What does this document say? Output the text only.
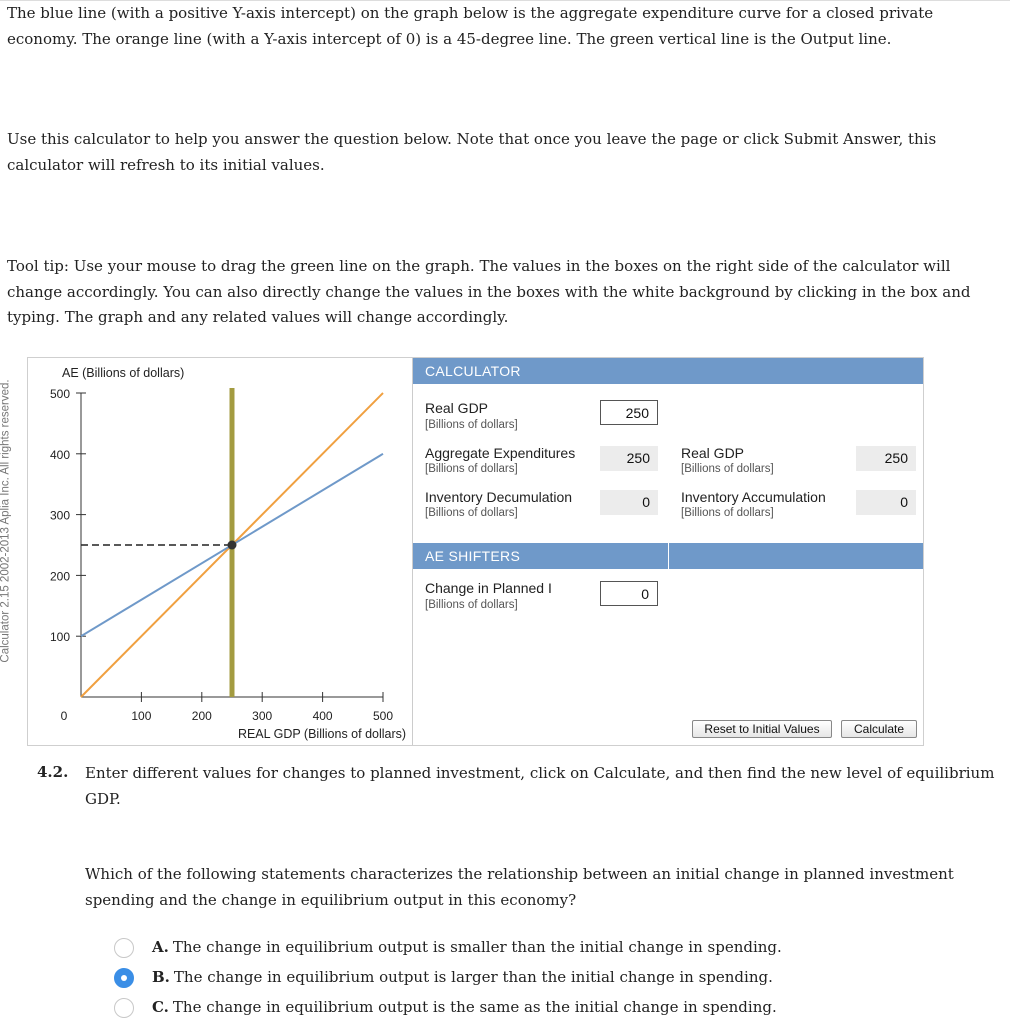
The blue line (with a positive Y-axis intercept) on the graph below is the aggregate expenditure curve for a closed private economy. The orange line (with a Y-axis intercept of 0) is a 45-degree line. The green vertical line is the Output line.

Use this calculator to help you answer the question below. Note that once you leave the page or click Submit Answer, this calculator will refresh to its initial values.

Tool tip: Use your mouse to drag the green line on the graph. The values in the boxes on the right side of the calculator will change accordingly. You can also directly change the values in the boxes with the white background by clicking in the box and typing. The graph and any related values will change accordingly.

Calculator 2.15 2002-2013 Aplia Inc. All rights reserved.	100
200
300
400
500
100	200	300	400	500
0
AE (Billions of dollars)
REAL GDP (Billions of dollars)
CALCULATOR
Real GDP
[Billions of dollars]
250
Aggregate Expenditures
[Billions of dollars]
250	Real GDP
[Billions of dollars]
250
Inventory Decumulation
[Billions of dollars]
0	Inventory Accumulation
[Billions of dollars]
0
AE SHIFTERS
Change in Planned I
[Billions of dollars]
0
Reset to Initial Values	Calculate
4.2. Enter different values for changes to planned investment, click on Calculate, and then find the new level of equilibrium GDP.

Which of the following statements characterizes the relationship between an initial change in planned investment spending and the change in equilibrium output in this economy?

A. The change in equilibrium output is smaller than the initial change in spending.
B. The change in equilibrium output is larger than the initial change in spending.
C. The change in equilibrium output is the same as the initial change in spending.
